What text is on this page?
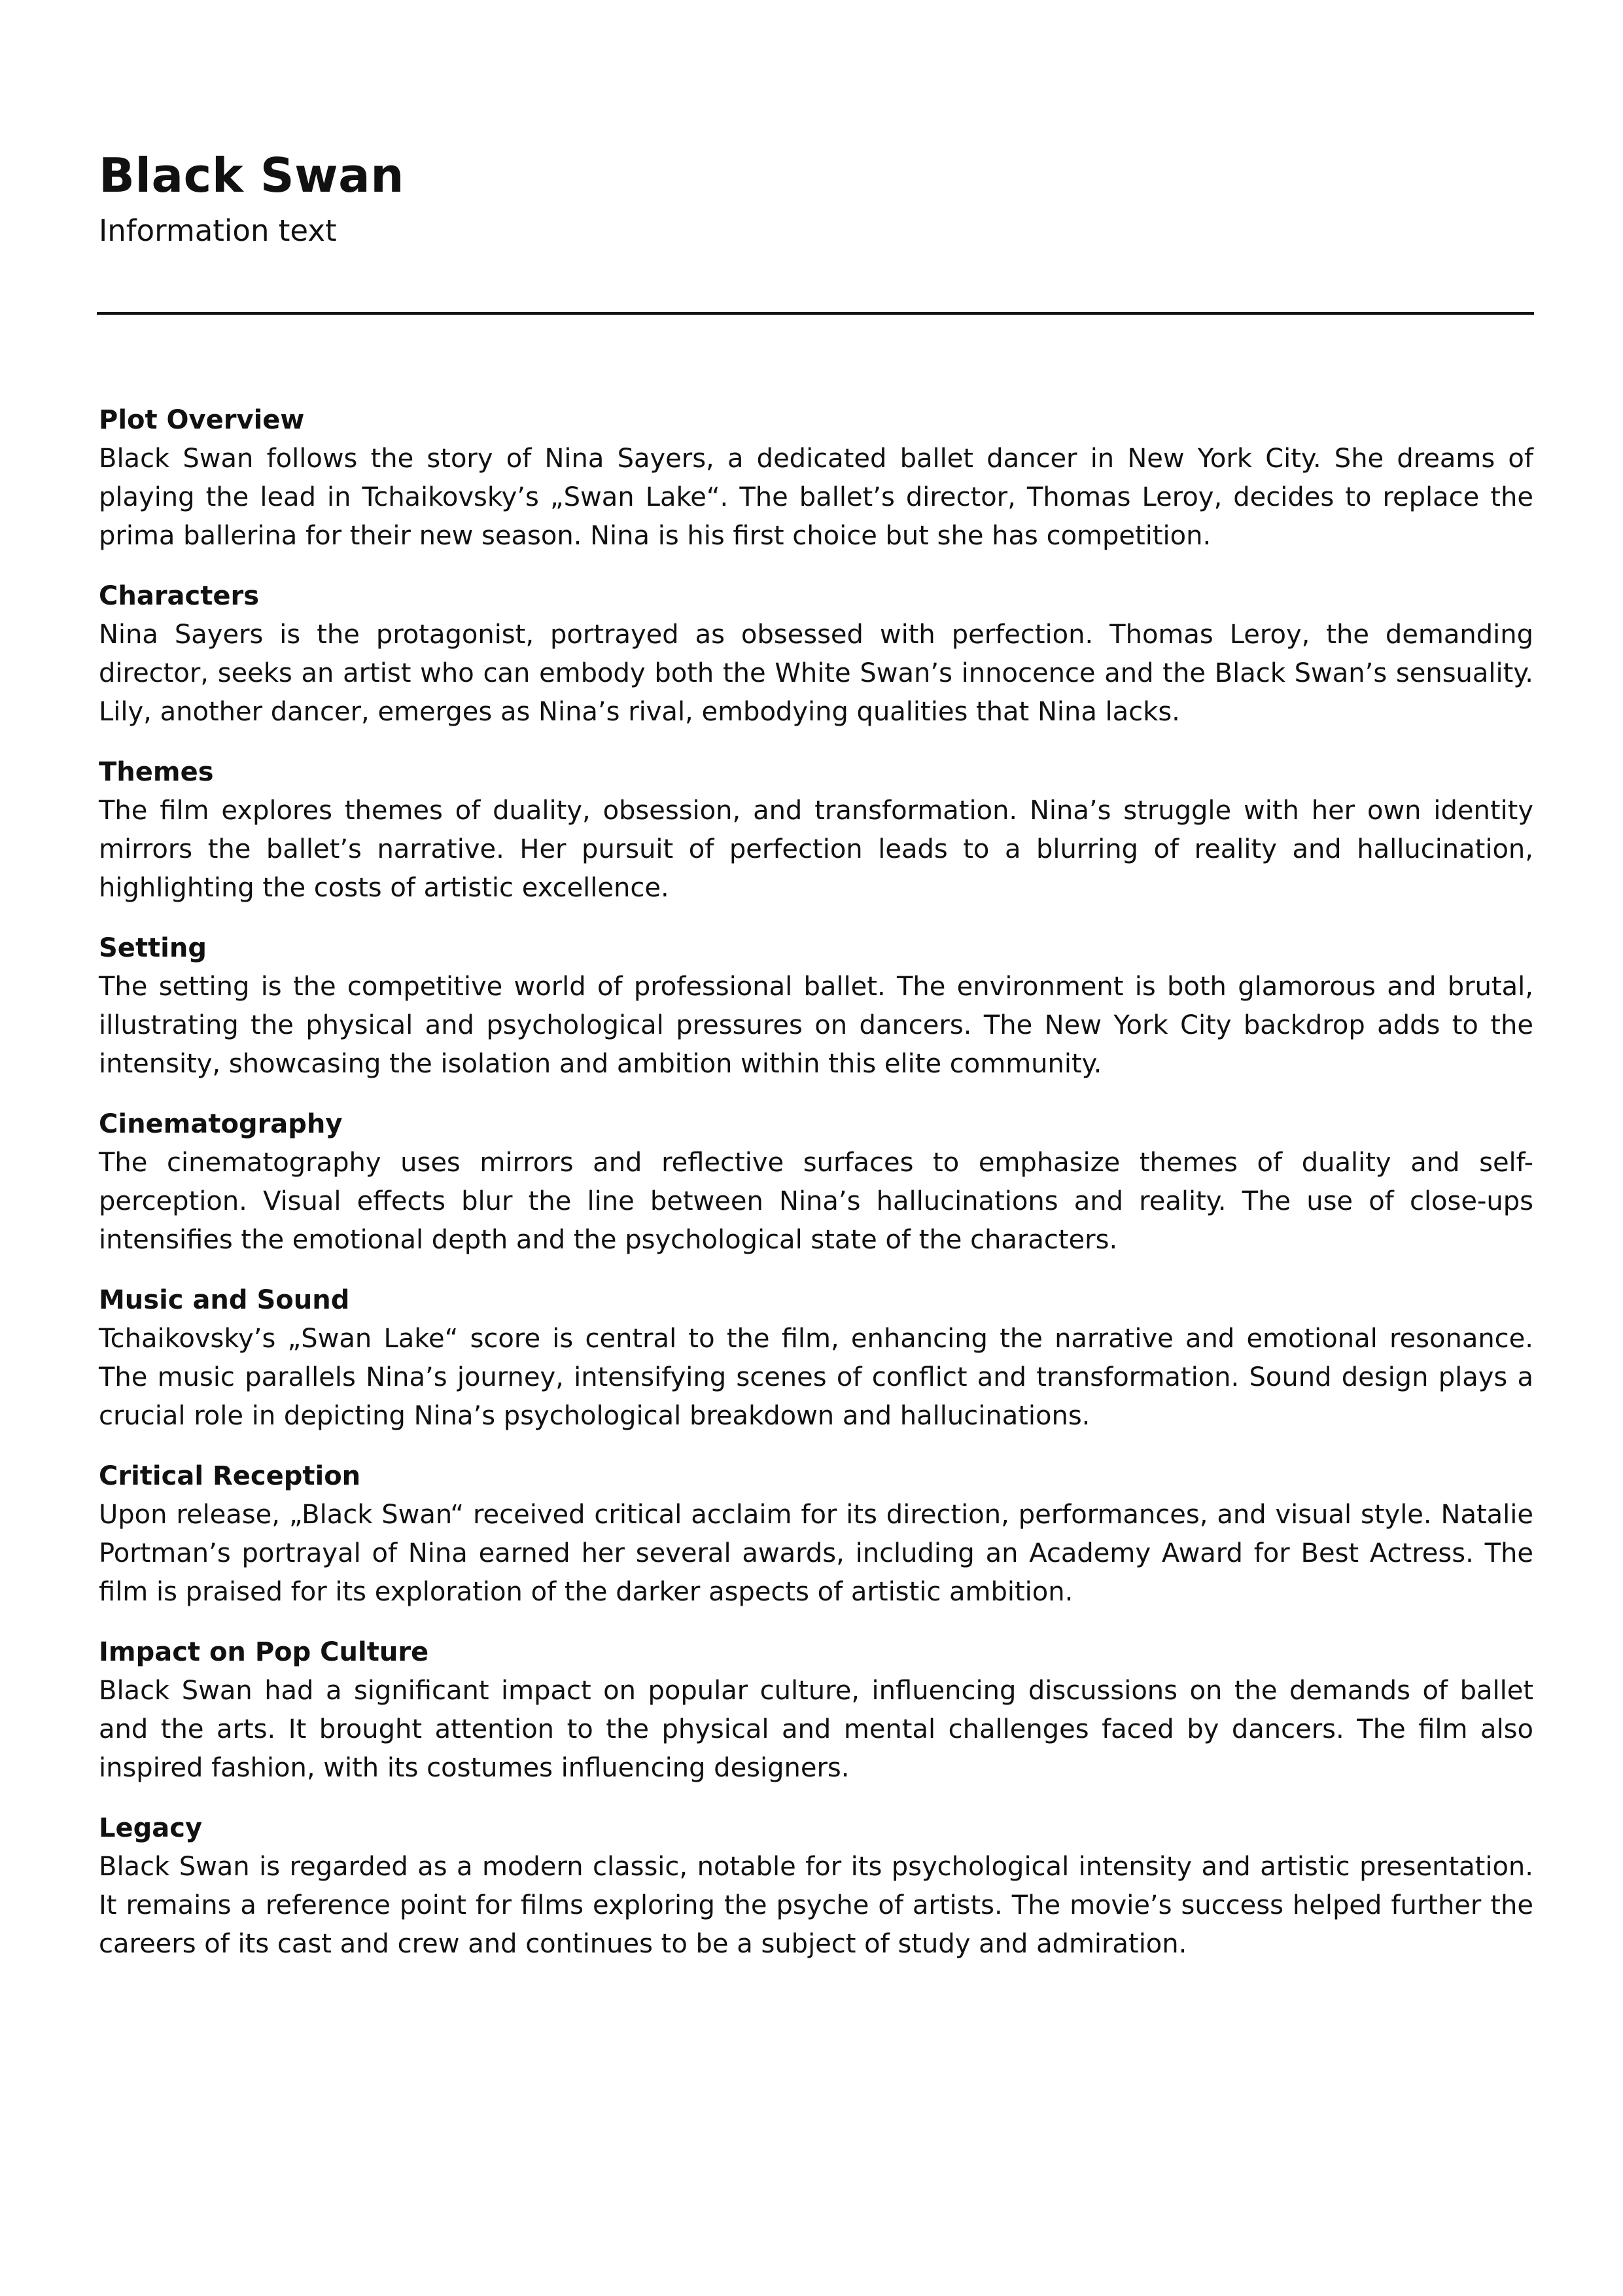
Black Swan
Information text
Plot Overview

Black Swan follows the story of Nina Sayers, a dedicated ballet dancer in New York City. She dreams of playing the lead in Tchaikovsky’s „Swan Lake“. The ballet’s director, Thomas Leroy, decides to replace the prima ballerina for their new season. Nina is his first choice but she has competition.

Characters

Nina Sayers is the protagonist, portrayed as obsessed with perfection. Thomas Leroy, the demanding director, seeks an artist who can embody both the White Swan’s innocence and the Black Swan’s sensuality. Lily, another dancer, emerges as Nina’s rival, embodying qualities that Nina lacks.

Themes

The film explores themes of duality, obsession, and transformation. Nina’s struggle with her own identity mirrors the ballet’s narrative. Her pursuit of perfection leads to a blurring of reality and hallucination, highlighting the costs of artistic excellence.

Setting

The setting is the competitive world of professional ballet. The environment is both glamorous and brutal, illustrating the physical and psychological pressures on dancers. The New York City backdrop adds to the intensity, showcasing the isolation and ambition within this elite community.

Cinematography

The cinematography uses mirrors and reflective surfaces to emphasize themes of duality and self-perception. Visual effects blur the line between Nina’s hallucinations and reality. The use of close-ups intensifies the emotional depth and the psychological state of the characters.

Music and Sound

Tchaikovsky’s „Swan Lake“ score is central to the film, enhancing the narrative and emotional resonance. The music parallels Nina’s journey, intensifying scenes of conflict and transformation. Sound design plays a crucial role in depicting Nina’s psychological breakdown and hallucinations.

Critical Reception

Upon release, „Black Swan“ received critical acclaim for its direction, performances, and visual style. Natalie Portman’s portrayal of Nina earned her several awards, including an Academy Award for Best Actress. The film is praised for its exploration of the darker aspects of artistic ambition.

Impact on Pop Culture

Black Swan had a significant impact on popular culture, influencing discussions on the demands of ballet and the arts. It brought attention to the physical and mental challenges faced by dancers. The film also inspired fashion, with its costumes influencing designers.

Legacy

Black Swan is regarded as a modern classic, notable for its psychological intensity and artistic presentation. It remains a reference point for films exploring the psyche of artists. The movie’s success helped further the careers of its cast and crew and continues to be a subject of study and admiration.
